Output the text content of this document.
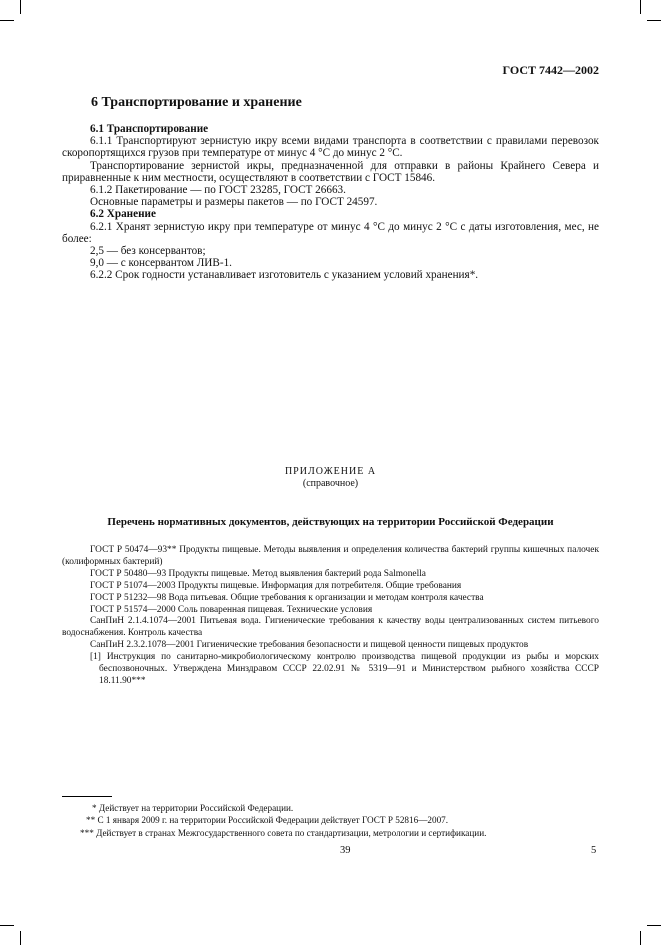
ГОСТ 7442—2002
6 Транспортирование и хранение

6.1 Транспортирование

6.1.1 Транспортируют зернистую икру всеми видами транспорта в соответствии с правилами перевозок скоропортящихся грузов при температуре от минус 4 °С до минус 2 °С.

Транспортирование зернистой икры, предназначенной для отправки в районы Крайнего Севера и приравненные к ним местности, осуществляют в соответствии с ГОСТ 15846.

6.1.2 Пакетирование — по ГОСТ 23285, ГОСТ 26663.

Основные параметры и размеры пакетов — по ГОСТ 24597.

6.2 Хранение

6.2.1 Хранят зернистую икру при температуре от минус 4 °С до минус 2 °С с даты изготовления, мес, не более:

2,5 — без консервантов;

9,0 — с консервантом ЛИВ-1.

6.2.2 Срок годности устанавливает изготовитель с указанием условий хранения*.

ПРИЛОЖЕНИЕ А
(справочное)
Перечень нормативных документов, действующих на территории Российской Федерации

ГОСТ Р 50474—93** Продукты пищевые. Методы выявления и определения количества бактерий группы кишечных палочек (колиформных бактерий)

ГОСТ Р 50480—93 Продукты пищевые. Метод выявления бактерий рода Salmonella

ГОСТ Р 51074—2003 Продукты пищевые. Информация для потребителя. Общие требования

ГОСТ Р 51232—98 Вода питьевая. Общие требования к организации и методам контроля качества

ГОСТ Р 51574—2000 Соль поваренная пищевая. Технические условия

СанПиН 2.1.4.1074—2001 Питьевая вода. Гигиенические требования к качеству воды централизованных систем питьевого водоснабжения. Контроль качества

СанПиН 2.3.2.1078—2001 Гигиенические требования безопасности и пищевой ценности пищевых продуктов

[1] Инструкция по санитарно-микробиологическому контролю производства пищевой продукции из рыбы и морских беспозвоночных. Утверждена Минздравом СССР 22.02.91 № 5319—91 и Министерством рыбного хозяйства СССР 18.11.90***

* Действует на территории Российской Федерации.

** С 1 января 2009 г. на территории Российской Федерации действует ГОСТ Р 52816—2007.

*** Действует в странах Межгосударственного совета по стандартизации, метрологии и сертификации.

39	5
